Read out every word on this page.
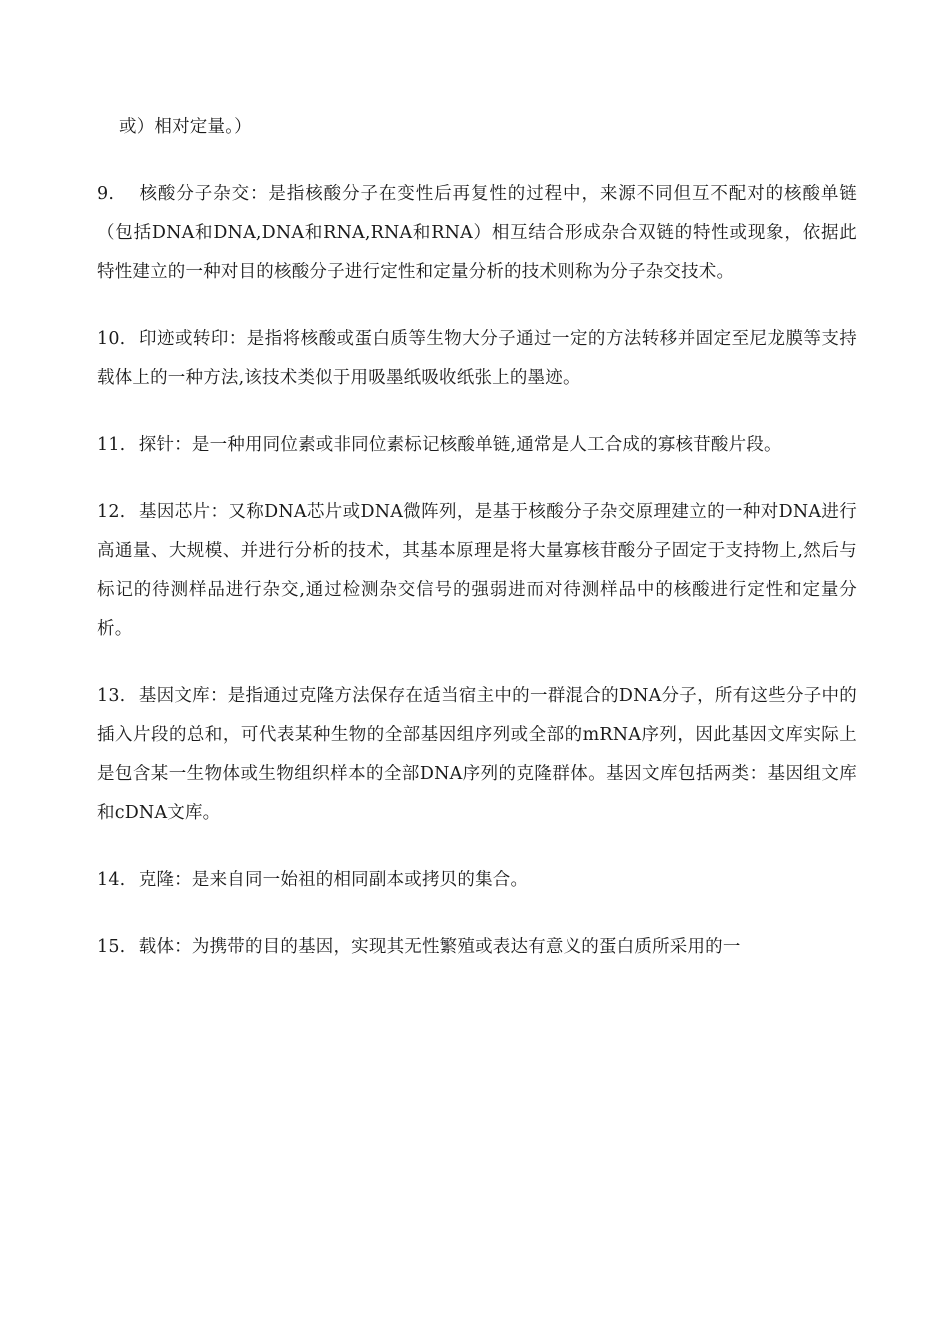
或）相对定量。）

9. 核酸分子杂交：是指核酸分子在变性后再复性的过程中，来源不同但互不配对的核酸单链（包括DNA和DNA,DNA和RNA,RNA和RNA）相互结合形成杂合双链的特性或现象，依据此特性建立的一种对目的核酸分子进行定性和定量分析的技术则称为分子杂交技术。

10. 印迹或转印：是指将核酸或蛋白质等生物大分子通过一定的方法转移并固定至尼龙膜等支持载体上的一种方法,该技术类似于用吸墨纸吸收纸张上的墨迹。

11. 探针：是一种用同位素或非同位素标记核酸单链,通常是人工合成的寡核苷酸片段。

12. 基因芯片：又称DNA芯片或DNA微阵列，是基于核酸分子杂交原理建立的一种对DNA进行高通量、大规模、并进行分析的技术，其基本原理是将大量寡核苷酸分子固定于支持物上,然后与标记的待测样品进行杂交,通过检测杂交信号的强弱进而对待测样品中的核酸进行定性和定量分析。

13. 基因文库：是指通过克隆方法保存在适当宿主中的一群混合的DNA分子，所有这些分子中的插入片段的总和，可代表某种生物的全部基因组序列或全部的mRNA序列，因此基因文库实际上是包含某一生物体或生物组织样本的全部DNA序列的克隆群体。基因文库包括两类：基因组文库和cDNA文库。

14. 克隆：是来自同一始祖的相同副本或拷贝的集合。

15. 载体：为携带的目的基因，实现其无性繁殖或表达有意义的蛋白质所采用的一
